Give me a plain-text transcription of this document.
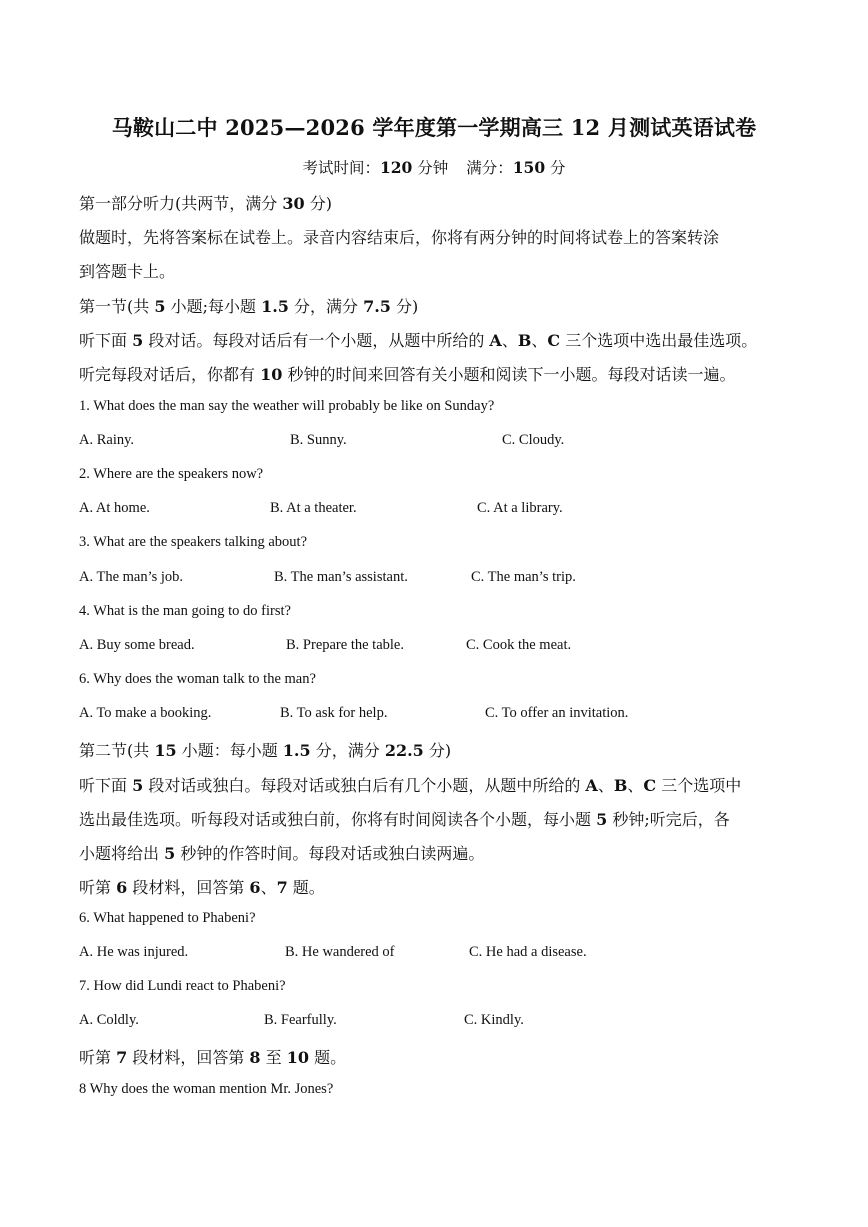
马鞍山二中 2025—2026 学年度第一学期高三 12 月测试英语试卷
考试时间：120 分钟 满分：150 分
第一部分听力(共两节，满分 30 分)
做题时，先将答案标在试卷上。录音内容结束后，你将有两分钟的时间将试卷上的答案转涂
到答题卡上。
第一节(共 5 小题;每小题 1.5 分，满分 7.5 分)
听下面 5 段对话。每段对话后有一个小题，从题中所给的 A、B、C 三个选项中选出最佳选项。
听完每段对话后，你都有 10 秒钟的时间来回答有关小题和阅读下一小题。每段对话读一遍。
1. What does the man say the weather will probably be like on Sunday?
A. Rainy.	B. Sunny.	C. Cloudy.
2. Where are the speakers now?
A. At home.	B. At a theater.	C. At a library.
3. What are the speakers talking about?
A. The man’s job.	B. The man’s assistant.	C. The man’s trip.
4. What is the man going to do first?
A. Buy some bread.	B. Prepare the table.	C. Cook the meat.
6. Why does the woman talk to the man?
A. To make a booking.	B. To ask for help.	C. To offer an invitation.
第二节(共 15 小题：每小题 1.5 分，满分 22.5 分)
听下面 5 段对话或独白。每段对话或独白后有几个小题，从题中所给的 A、B、C 三个选项中
选出最佳选项。听每段对话或独白前，你将有时间阅读各个小题，每小题 5 秒钟;听完后，各
小题将给出 5 秒钟的作答时间。每段对话或独白读两遍。
听第 6 段材料，回答第 6、7 题。
6. What happened to Phabeni?
A. He was injured.	B. He wandered of	C. He had a disease.
7. How did Lundi react to Phabeni?
A. Coldly.	B. Fearfully.	C. Kindly.
听第 7 段材料，回答第 8 至 10 题。
8 Why does the woman mention Mr. Jones?
